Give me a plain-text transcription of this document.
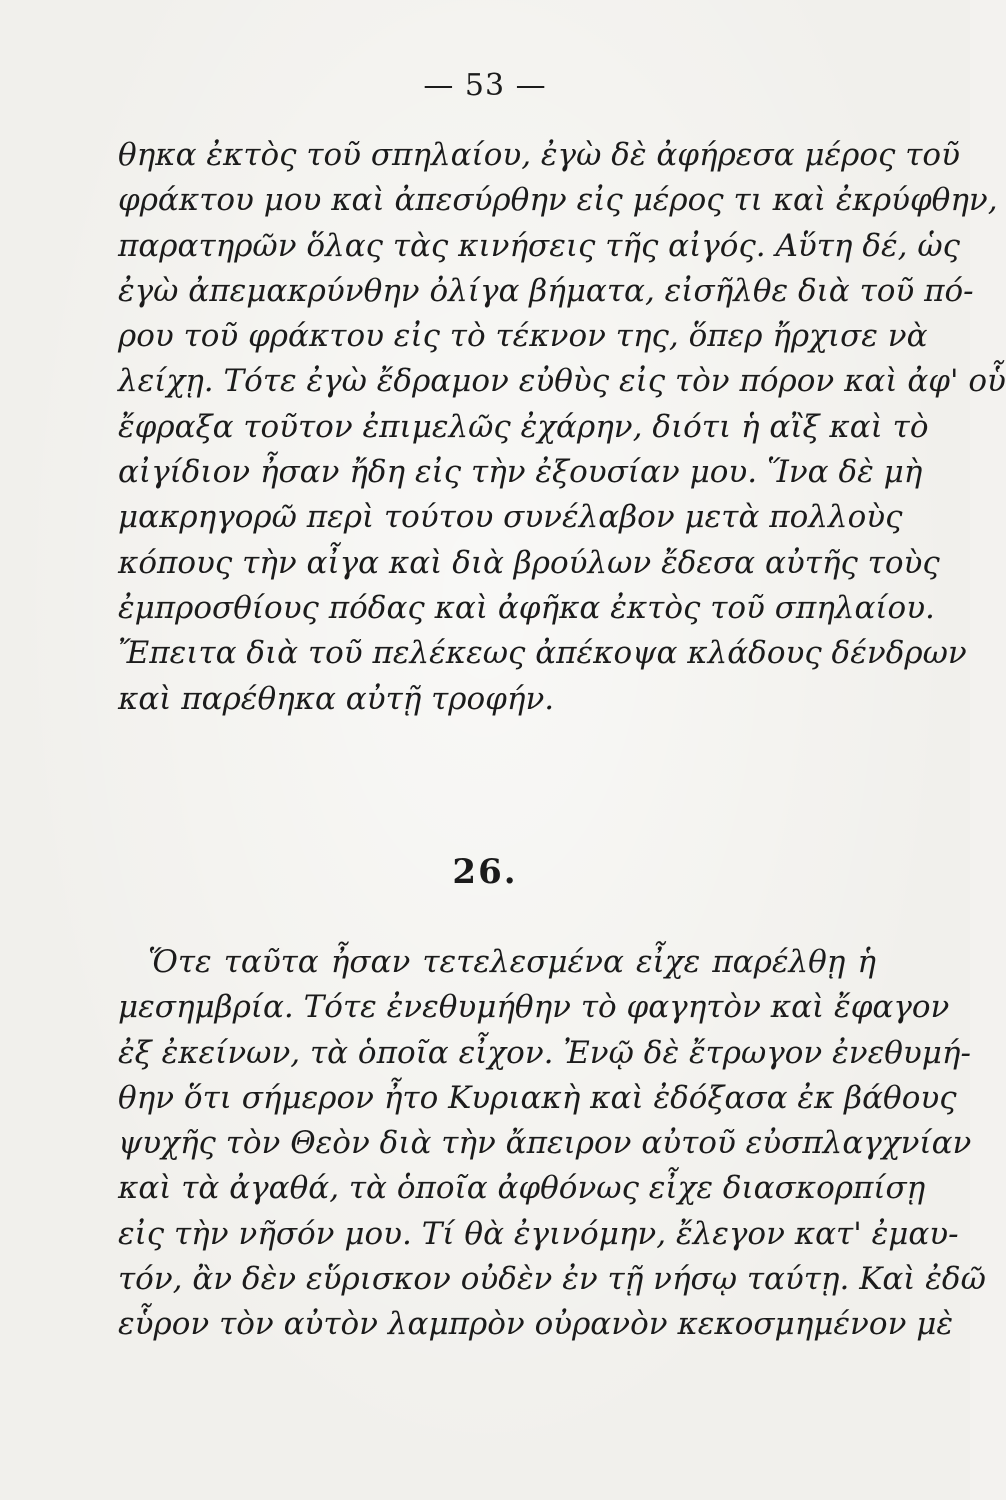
— 53 —
θηκα ἐκτὸς τοῦ σπηλαίου, ἐγὼ δὲ ἀφήρεσα μέρος τοῦ
φράκτου μου καὶ ἀπεσύρθην εἰς μέρος τι καὶ ἐκρύφθην,
παρατηρῶν ὅλας τὰς κινήσεις τῆς αἰγός. Αὕτη δέ, ὡς
ἐγὼ ἀπεμακρύνθην ὀλίγα βήματα, εἰσῆλθε διὰ τοῦ πό-
ρου τοῦ φράκτου εἰς τὸ τέκνον της, ὅπερ ἤρχισε νὰ
λείχῃ. Τότε ἐγὼ ἔδραμον εὐθὺς εἰς τὸν πόρον καὶ ἀφ' οὗ
ἔφραξα τοῦτον ἐπιμελῶς ἐχάρην, διότι ἡ αἲξ καὶ τὸ
αἰγίδιον ἦσαν ἤδη εἰς τὴν ἐξουσίαν μου. Ἵνα δὲ μὴ
μακρηγορῶ περὶ τούτου συνέλαβον μετὰ πολλοὺς
κόπους τὴν αἶγα καὶ διὰ βρούλων ἔδεσα αὐτῆς τοὺς
ἐμπροσθίους πόδας καὶ ἀφῆκα ἐκτὸς τοῦ σπηλαίου.
Ἔπειτα διὰ τοῦ πελέκεως ἀπέκοψα κλάδους δένδρων
καὶ παρέθηκα αὐτῇ τροφήν.
26.
Ὅτε ταῦτα ἦσαν τετελεσμένα εἶχε παρέλθῃ ἡ
μεσημβρία. Τότε ἐνεθυμήθην τὸ φαγητὸν καὶ ἔφαγον
ἐξ ἐκείνων, τὰ ὁποῖα εἶχον. Ἐνῷ δὲ ἔτρωγον ἐνεθυμή-
θην ὅτι σήμερον ἦτο Κυριακὴ καὶ ἐδόξασα ἐκ βάθους
ψυχῆς τὸν Θεὸν διὰ τὴν ἄπειρον αὐτοῦ εὐσπλαγχνίαν
καὶ τὰ ἀγαθά, τὰ ὁποῖα ἀφθόνως εἶχε διασκορπίσῃ
εἰς τὴν νῆσόν μου. Τί θὰ ἐγινόμην, ἔλεγον κατ' ἐμαυ-
τόν, ἂν δὲν εὕρισκον οὐδὲν ἐν τῇ νήσῳ ταύτῃ. Καὶ ἐδῶ
εὗρον τὸν αὐτὸν λαμπρὸν οὐρανὸν κεκοσμημένον μὲ
